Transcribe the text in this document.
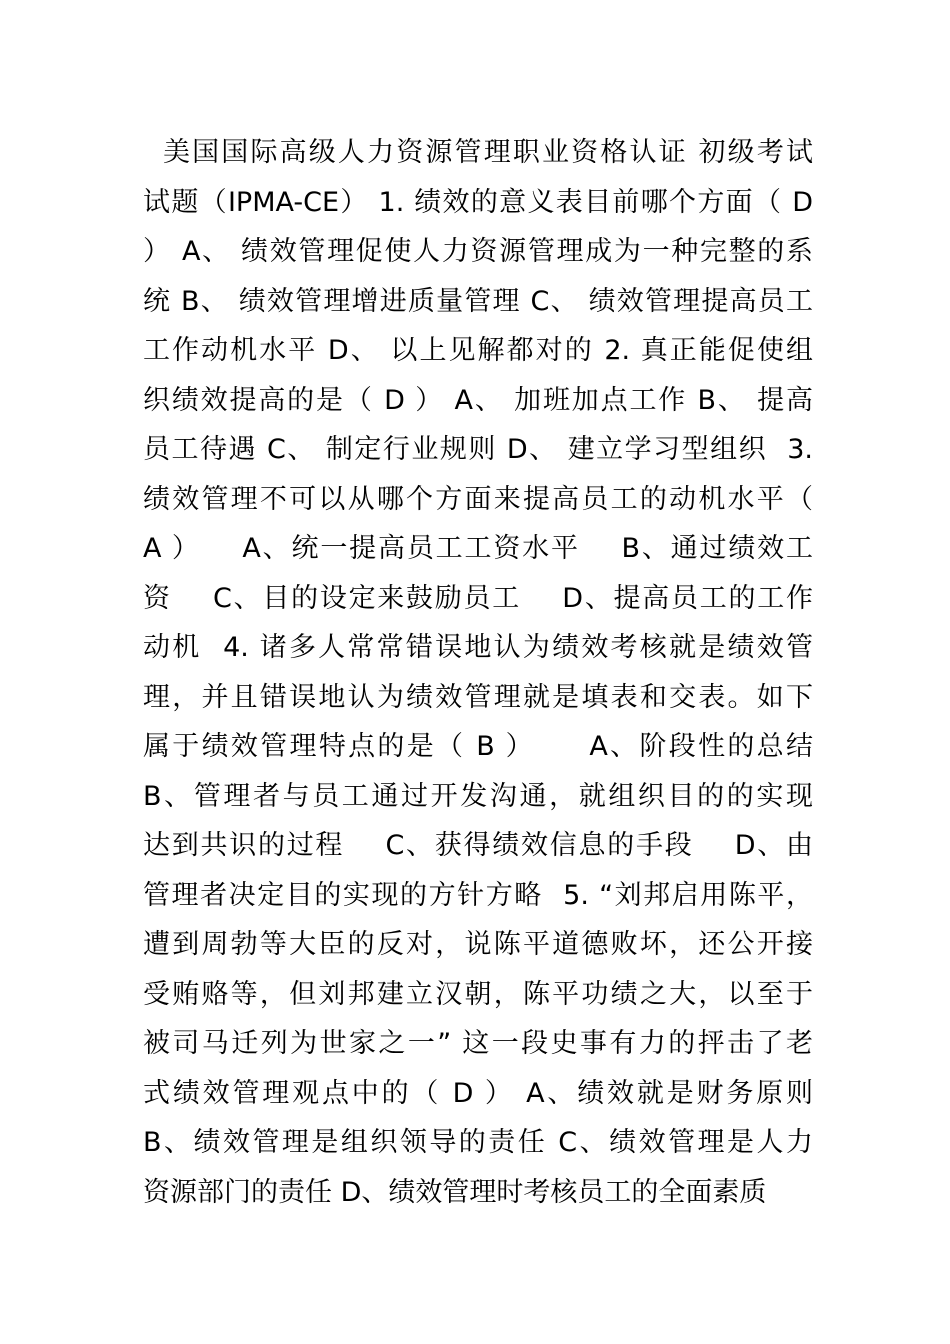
美国国际高级人力资源管理职业资格认证 初级考试
试题（IPMA-CE） 1. 绩效的意义表目前哪个方面（ D
） A、 绩效管理促使人力资源管理成为一种完整的系
统 B、 绩效管理增进质量管理 C、 绩效管理提高员工
工作动机水平 D、 以上见解都对的 2. 真正能促使组
织绩效提高的是（ D ） A、 加班加点工作 B、 提高
员工待遇 C、 制定行业规则 D、 建立学习型组织  3.
绩效管理不可以从哪个方面来提高员工的动机水平（
A ）    A、统一提高员工工资水平    B、通过绩效工
资    C、目的设定来鼓励员工    D、提高员工的工作
动机  4. 诸多人常常错误地认为绩效考核就是绩效管
理，并且错误地认为绩效管理就是填表和交表。如下
属于绩效管理特点的是（ B ）     A、阶段性的总结
B、管理者与员工通过开发沟通，就组织目的的实现
达到共识的过程    C、获得绩效信息的手段    D、由
管理者决定目的实现的方针方略  5. “刘邦启用陈平，
遭到周勃等大臣的反对，说陈平道德败坏，还公开接
受贿赂等，但刘邦建立汉朝，陈平功绩之大，以至于
被司马迁列为世家之一” 这一段史事有力的抨击了老
式绩效管理观点中的（ D ） A、绩效就是财务原则
B、绩效管理是组织领导的责任 C、绩效管理是人力
资源部门的责任 D、绩效管理时考核员工的全面素质
